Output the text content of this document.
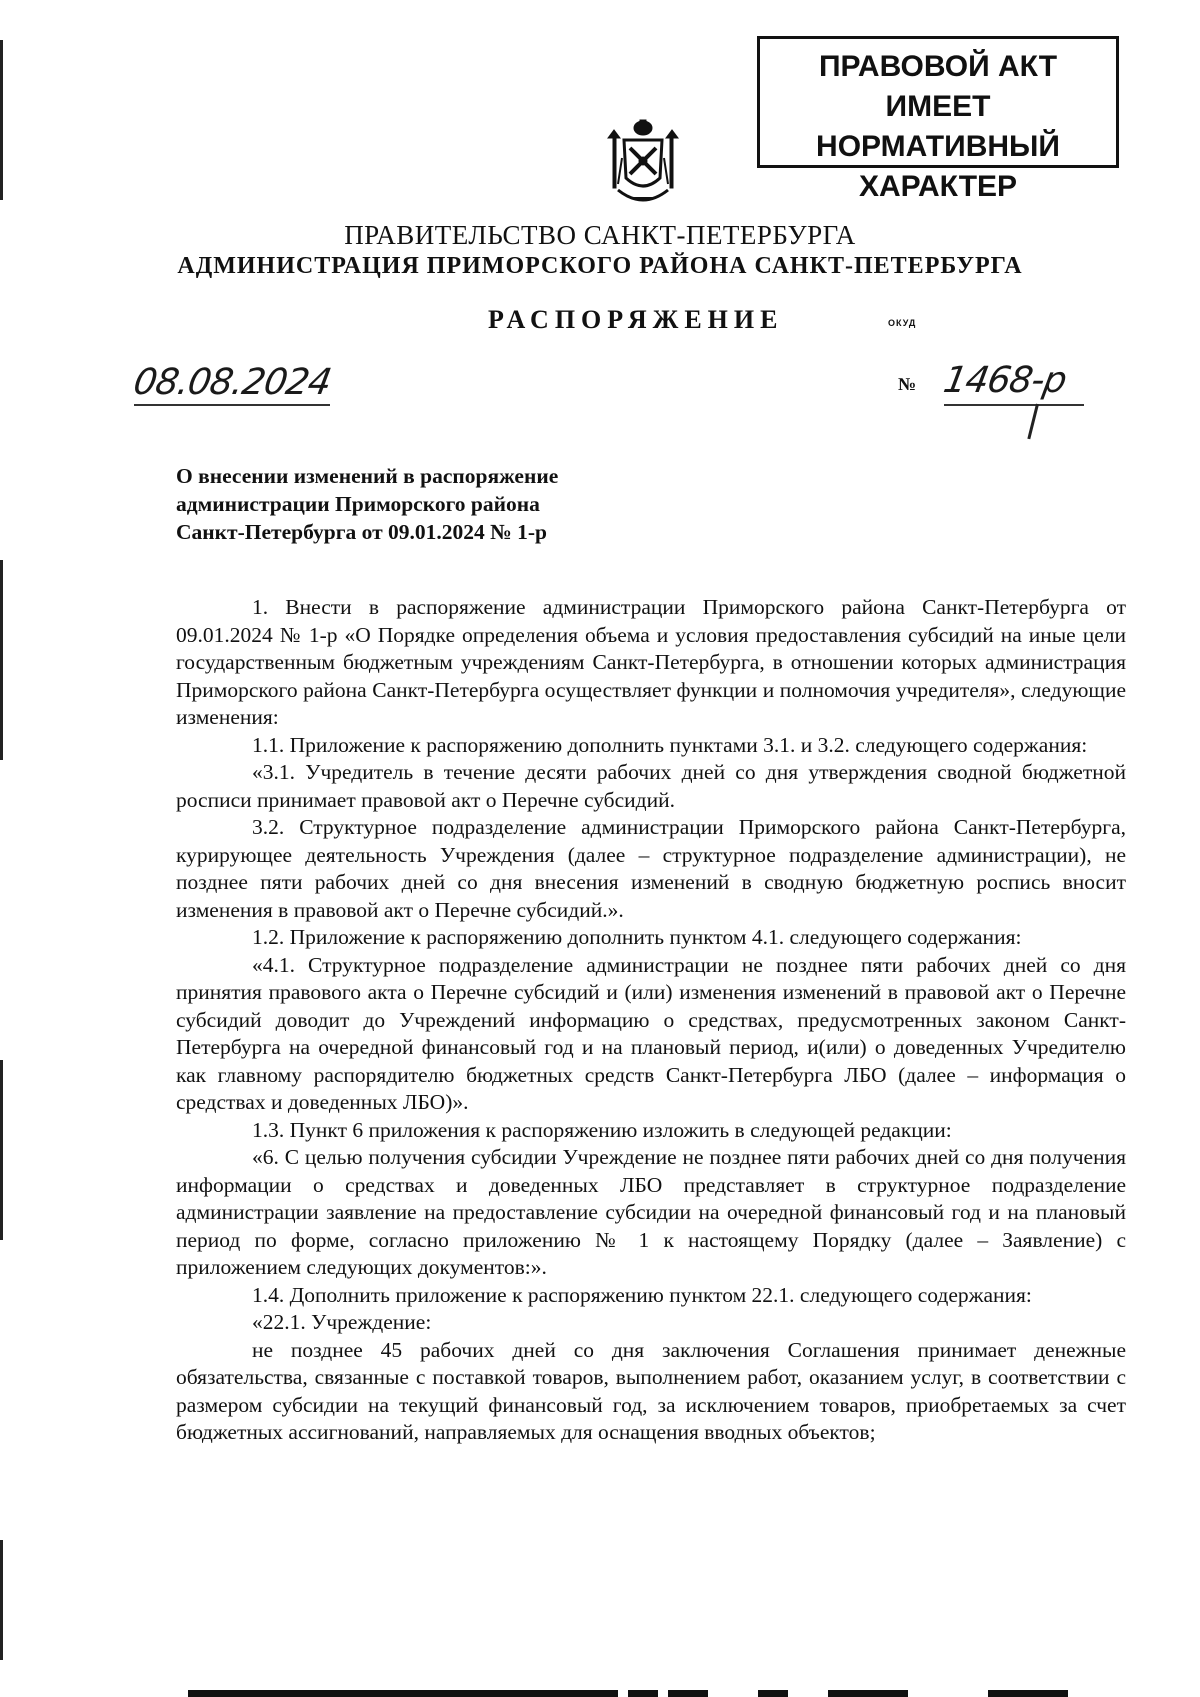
ПРАВОВОЙ АКТ
ИМЕЕТ НОРМАТИВНЫЙ
ХАРАКТЕР
ПРАВИТЕЛЬСТВО САНКТ-ПЕТЕРБУРГА
АДМИНИСТРАЦИЯ ПРИМОРСКОГО РАЙОНА САНКТ-ПЕТЕРБУРГА
РАСПОРЯЖЕНИЕ	ОКУД
08.08.2024	№ 1468-р
О внесении изменений в распоряжение
администрации Приморского района
Санкт-Петербурга от 09.01.2024 № 1-р

1. Внести в распоряжение администрации Приморского района Санкт-Петербурга от 09.01.2024 № 1-р «О Порядке определения объема и условия предоставления субсидий на иные цели государственным бюджетным учреждениям Санкт-Петербурга, в отношении которых администрация Приморского района Санкт-Петербурга осуществляет функции и полномочия учредителя», следующие изменения:

1.1. Приложение к распоряжению дополнить пунктами 3.1. и 3.2. следующего содержания:

«3.1. Учредитель в течение десяти рабочих дней со дня утверждения сводной бюджетной росписи принимает правовой акт о Перечне субсидий.

3.2. Структурное подразделение администрации Приморского района Санкт-Петербурга, курирующее деятельность Учреждения (далее – структурное подразделение администрации), не позднее пяти рабочих дней со дня внесения изменений в сводную бюджетную роспись вносит изменения в правовой акт о Перечне субсидий.».

1.2. Приложение к распоряжению дополнить пунктом 4.1. следующего содержания:

«4.1. Структурное подразделение администрации не позднее пяти рабочих дней со дня принятия правового акта о Перечне субсидий и (или) изменения изменений в правовой акт о Перечне субсидий доводит до Учреждений информацию о средствах, предусмотренных законом Санкт-Петербурга на очередной финансовый год и на плановый период, и(или) о доведенных Учредителю как главному распорядителю бюджетных средств Санкт-Петербурга ЛБО (далее – информация о средствах и доведенных ЛБО)».

1.3. Пункт 6 приложения к распоряжению изложить в следующей редакции:

«6. С целью получения субсидии Учреждение не позднее пяти рабочих дней со дня получения информации о средствах и доведенных ЛБО представляет в структурное подразделение администрации заявление на предоставление субсидии на очередной финансовый год и на плановый период по форме, согласно приложению № 1 к настоящему Порядку (далее – Заявление) с приложением следующих документов:».

1.4. Дополнить приложение к распоряжению пунктом 22.1. следующего содержания:

«22.1. Учреждение:

не позднее 45 рабочих дней со дня заключения Соглашения принимает денежные обязательства, связанные с поставкой товаров, выполнением работ, оказанием услуг, в соответствии с размером субсидии на текущий финансовый год, за исключением товаров, приобретаемых за счет бюджетных ассигнований, направляемых для оснащения вводных объектов;
